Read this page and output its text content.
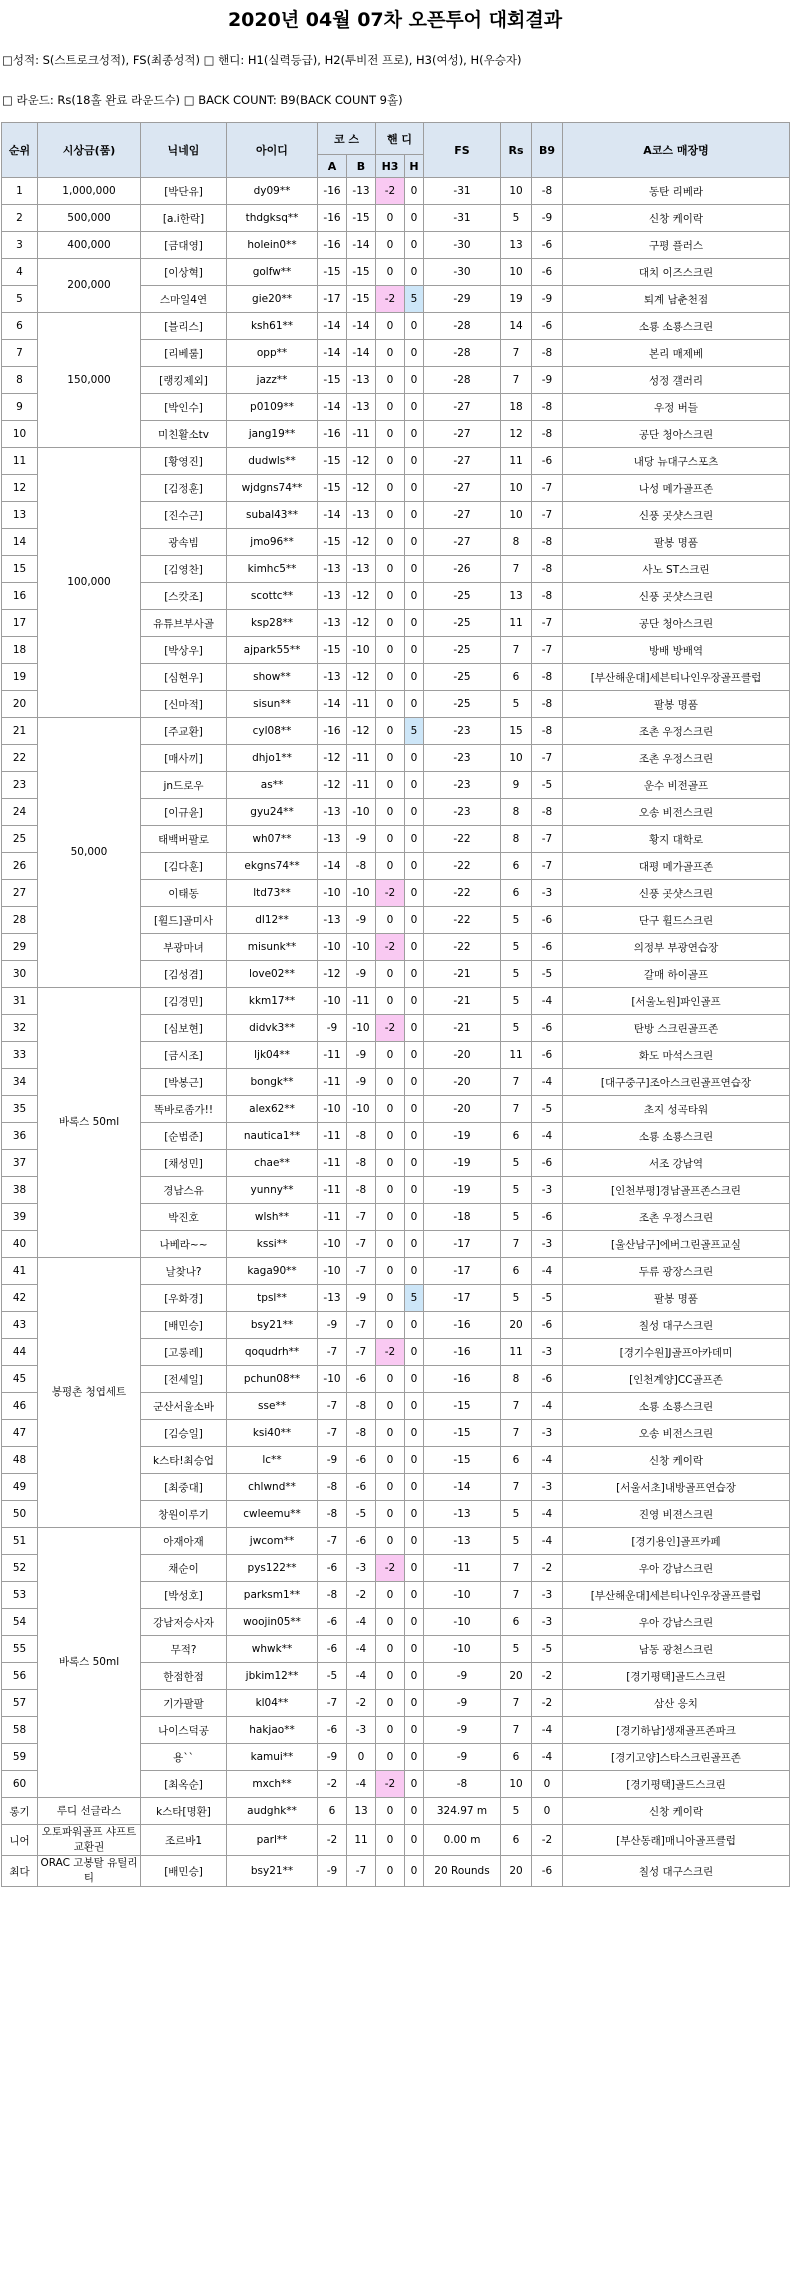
2020년 04월 07차 오픈투어 대회결과
□성적: S(스트로크성적), FS(최종성적) □ 핸디: H1(실력등급), H2(투비전 프로), H3(여성), H(우승자)
□ 라운드: Rs(18홀 완료 라운드수) □ BACK COUNT: B9(BACK COUNT 9홀)
순위	시상금(품)	닉네임	아이디	코 스		핸 디		FS	Rs	B9	A코스 매장명
				A	B	H3	H				
1	1,000,000	[박단유]	dy09**	-16	-13	-2	0	-31	10	-8	동탄 리베라
2	500,000	[a.i한락]	thdgksq**	-16	-15	0	0	-31	5	-9	신창 케이락
3	400,000	[금대영]	holein0**	-16	-14	0	0	-30	13	-6	구평 플러스
4	200,000	[이상혁]	golfw**	-15	-15	0	0	-30	10	-6	대치 이즈스크린
5		스마일4연	gie20**	-17	-15	-2	5	-29	19	-9	퇴계 남춘천점
6	150,000	[블리스]	ksh61**	-14	-14	0	0	-28	14	-6	소룡 소룡스크린
7		[리베룰]	opp**	-14	-14	0	0	-28	7	-8	본리 매제베
8		[랭킹제외]	jazz**	-15	-13	0	0	-28	7	-9	성정 갤러리
9		[박인수]	p0109**	-14	-13	0	0	-27	18	-8	우정 버들
10		미친활소tv	jang19**	-16	-11	0	0	-27	12	-8	공단 청아스크린
11	100,000	[황영진]	dudwls**	-15	-12	0	0	-27	11	-6	내당 뉴대구스포츠
12		[김정훈]	wjdgns74**	-15	-12	0	0	-27	10	-7	나성 메가골프존
13		[진수근]	subal43**	-14	-13	0	0	-27	10	-7	신풍 곳샷스크린
14		광속빔	jmo96**	-15	-12	0	0	-27	8	-8	팔봉 명품
15		[김영찬]	kimhc5**	-13	-13	0	0	-26	7	-8	사노 ST스크린
16		[스캇조]	scottc**	-13	-12	0	0	-25	13	-8	신풍 곳샷스크린
17		유튜브부사골	ksp28**	-13	-12	0	0	-25	11	-7	공단 청아스크린
18		[박상우]	ajpark55**	-15	-10	0	0	-25	7	-7	방배 방배역
19		[심현우]	show**	-13	-12	0	0	-25	6	-8	[부산해운대]세븐티나인우장골프클럽
20		[신마적]	sisun**	-14	-11	0	0	-25	5	-8	팔봉 명품
21	50,000	[주교환]	cyl08**	-16	-12	0	5	-23	15	-8	조촌 우정스크린
22		[매사끼]	dhjo1**	-12	-11	0	0	-23	10	-7	조촌 우정스크린
23		jn드로우	as**	-12	-11	0	0	-23	9	-5	운수 비전골프
24		[이규윤]	gyu24**	-13	-10	0	0	-23	8	-8	오송 비전스크린
25		태백버팔로	wh07**	-13	-9	0	0	-22	8	-7	황지 대학로
26		[김다훈]	ekgns74**	-14	-8	0	0	-22	6	-7	대평 메가골프존
27		이태동	ltd73**	-10	-10	-2	0	-22	6	-3	신풍 곳샷스크린
28		[휠드]골미사	dl12**	-13	-9	0	0	-22	5	-6	단구 휠드스크린
29		부광마녀	misunk**	-10	-10	-2	0	-22	5	-6	의정부 부광연습장
30		[김성겸]	love02**	-12	-9	0	0	-21	5	-5	갈매 하이골프
31	바록스 50ml	[김경민]	kkm17**	-10	-11	0	0	-21	5	-4	[서울노원]파인골프
32		[심보현]	didvk3**	-9	-10	-2	0	-21	5	-6	탄방 스크린골프존
33		[금시조]	ljk04**	-11	-9	0	0	-20	11	-6	화도 마석스크린
34		[박봉근]	bongk**	-11	-9	0	0	-20	7	-4	[대구중구]조아스크린골프연습장
35		똑바로좀가!!	alex62**	-10	-10	0	0	-20	7	-5	초지 성곡타워
36		[순범준]	nautica1**	-11	-8	0	0	-19	6	-4	소룡 소룡스크린
37		[채성민]	chae**	-11	-8	0	0	-19	5	-6	서조 강남역
38		경남스유	yunny**	-11	-8	0	0	-19	5	-3	[인천부평]경남골프존스크린
39		박진호	wlsh**	-11	-7	0	0	-18	5	-6	조촌 우정스크린
40		나베라~~	kssi**	-10	-7	0	0	-17	7	-3	[울산남구]에버그린골프교실
41	봉평촌 청엽세트	날찾나?	kaga90**	-10	-7	0	0	-17	6	-4	두류 광장스크린
42		[우화경]	tpsl**	-13	-9	0	5	-17	5	-5	팔봉 명품
43		[배민승]	bsy21**	-9	-7	0	0	-16	20	-6	칠성 대구스크린
44		[고롱레]	qoqudrh**	-7	-7	-2	0	-16	11	-3	[경기수원]J골프아카데미
45		[전세일]	pchun08**	-10	-6	0	0	-16	8	-6	[인천계양]CC골프존
46		군산서울소바	sse**	-7	-8	0	0	-15	7	-4	소룡 소룡스크린
47		[김승일]	ksi40**	-7	-8	0	0	-15	7	-3	오송 비전스크린
48		k스타!최승업	lc**	-9	-6	0	0	-15	6	-4	신창 케이락
49		[최중대]	chlwnd**	-8	-6	0	0	-14	7	-3	[서울서초]내방골프연습장
50		창원이루기	cwleemu**	-8	-5	0	0	-13	5	-4	진영 비젼스크린
51	바록스 50ml	아재아재	jwcom**	-7	-6	0	0	-13	5	-4	[경기용인]골프카페
52		채순이	pys122**	-6	-3	-2	0	-11	7	-2	우아 강남스크린
53		[박성호]	parksm1**	-8	-2	0	0	-10	7	-3	[부산해운대]세븐티나인우장골프클럽
54		강남저승사자	woojin05**	-6	-4	0	0	-10	6	-3	우아 강남스크린
55		무적?	whwk**	-6	-4	0	0	-10	5	-5	남동 광천스크린
56		한점한점	jbkim12**	-5	-4	0	0	-9	20	-2	[경기평택]골드스크린
57		기가팔팔	kl04**	-7	-2	0	0	-9	7	-2	삼산 응치
58		나이스덕공	hakjao**	-6	-3	0	0	-9	7	-4	[경기하남]생재골프존파크
59		용``	kamui**	-9	0	0	0	-9	6	-4	[경기고양]스타스크린골프존
60		[최옥순]	mxch**	-2	-4	-2	0	-8	10	0	[경기평택]골드스크린
롱기	루디 선글라스	k스타[명환]	audghk**	6	13	0	0	324.97 m	5	0	신창 케이락
니어	오토파워골프 샤프트교환권	조르바1	parl**	-2	11	0	0	0.00 m	6	-2	[부산동래]매니아골프클럽
최다	ORAC 고봉탈 유틸리티	[배민승]	bsy21**	-9	-7	0	0	20 Rounds	20	-6	칠성 대구스크린
